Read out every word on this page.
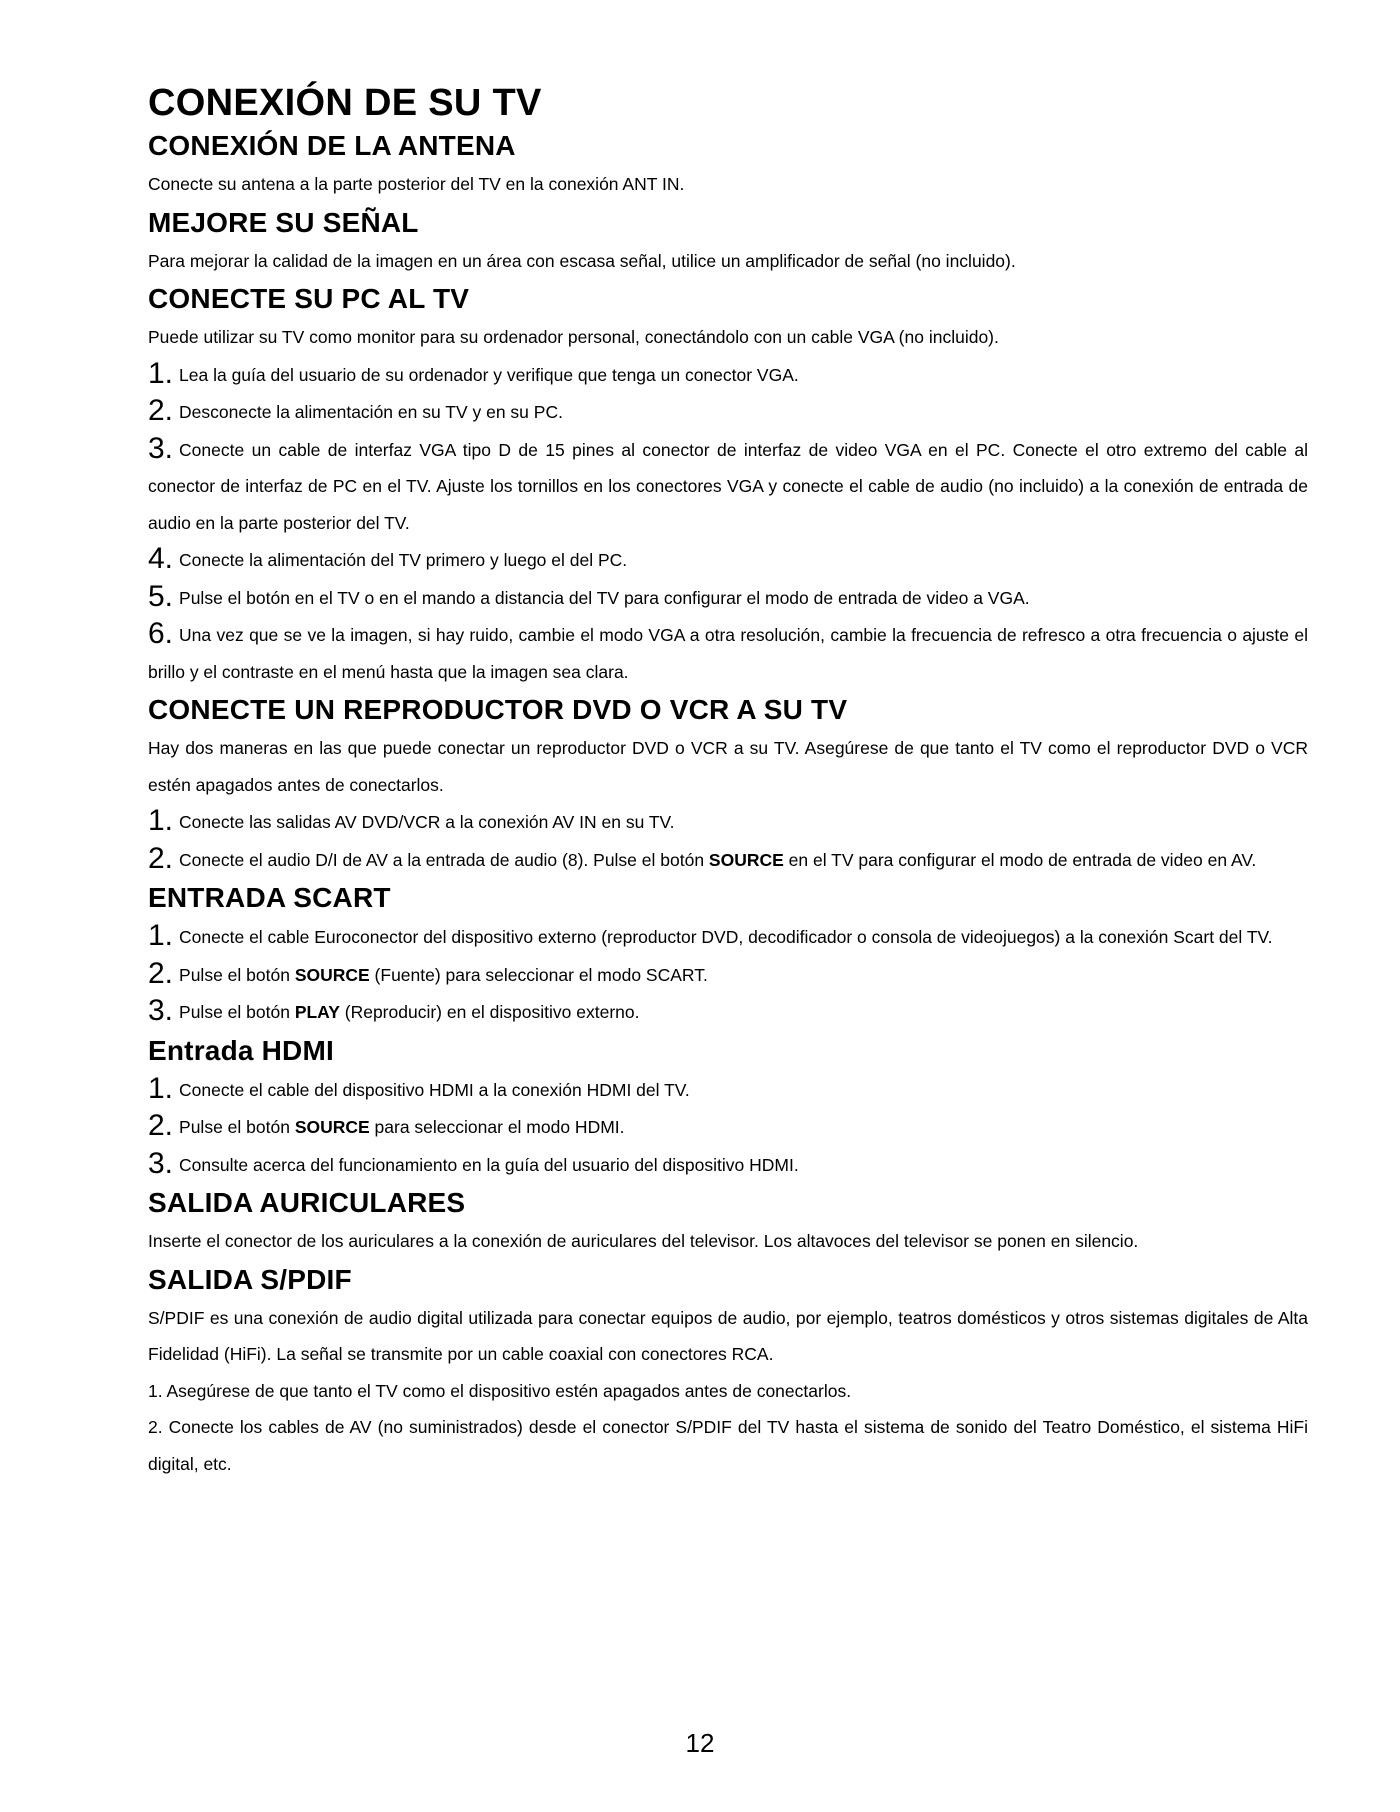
CONEXIÓN DE SU TV
CONEXIÓN DE LA ANTENA

Conecte su antena a la parte posterior del TV en la conexión ANT IN.

MEJORE SU SEÑAL

Para mejorar la calidad de la imagen en un área con escasa señal, utilice un amplificador de señal (no incluido).

CONECTE SU PC AL TV

Puede utilizar su TV como monitor para su ordenador personal, conectándolo con un cable VGA (no incluido).

1. Lea la guía del usuario de su ordenador y verifique que tenga un conector VGA.
2. Desconecte la alimentación en su TV y en su PC.
3. Conecte un cable de interfaz VGA tipo D de 15 pines al conector de interfaz de video VGA en el PC. Conecte el otro extremo del cable al conector de interfaz de PC en el TV. Ajuste los tornillos en los conectores VGA y conecte el cable de audio (no incluido) a la conexión de entrada de audio en la parte posterior del TV.
4. Conecte la alimentación del TV primero y luego el del PC.
5. Pulse el botón en el TV o en el mando a distancia del TV para configurar el modo de entrada de video a VGA.
6. Una vez que se ve la imagen, si hay ruido, cambie el modo VGA a otra resolución, cambie la frecuencia de refresco a otra frecuencia o ajuste el brillo y el contraste en el menú hasta que la imagen sea clara.
CONECTE UN REPRODUCTOR DVD O VCR A SU TV

Hay dos maneras en las que puede conectar un reproductor DVD o VCR a su TV. Asegúrese de que tanto el TV como el reproductor DVD o VCR estén apagados antes de conectarlos.

1. Conecte las salidas AV DVD/VCR a la conexión AV IN en su TV.
2. Conecte el audio D/I de AV a la entrada de audio (8). Pulse el botón SOURCE en el TV para configurar el modo de entrada de video en AV.
ENTRADA SCART
1. Conecte el cable Euroconector del dispositivo externo (reproductor DVD, decodificador o consola de videojuegos) a la conexión Scart del TV.
2. Pulse el botón SOURCE (Fuente) para seleccionar el modo SCART.
3. Pulse el botón PLAY (Reproducir) en el dispositivo externo.
Entrada HDMI
1. Conecte el cable del dispositivo HDMI a la conexión HDMI del TV.
2. Pulse el botón SOURCE para seleccionar el modo HDMI.
3. Consulte acerca del funcionamiento en la guía del usuario del dispositivo HDMI.
SALIDA AURICULARES

Inserte el conector de los auriculares a la conexión de auriculares del televisor. Los altavoces del televisor se ponen en silencio.

SALIDA S/PDIF

S/PDIF es una conexión de audio digital utilizada para conectar equipos de audio, por ejemplo, teatros domésticos y otros sistemas digitales de Alta Fidelidad (HiFi). La señal se transmite por un cable coaxial con conectores RCA.

1. Asegúrese de que tanto el TV como el dispositivo estén apagados antes de conectarlos.

2. Conecte los cables de AV (no suministrados) desde el conector S/PDIF del TV hasta el sistema de sonido del Teatro Doméstico, el sistema HiFi digital, etc.

12
